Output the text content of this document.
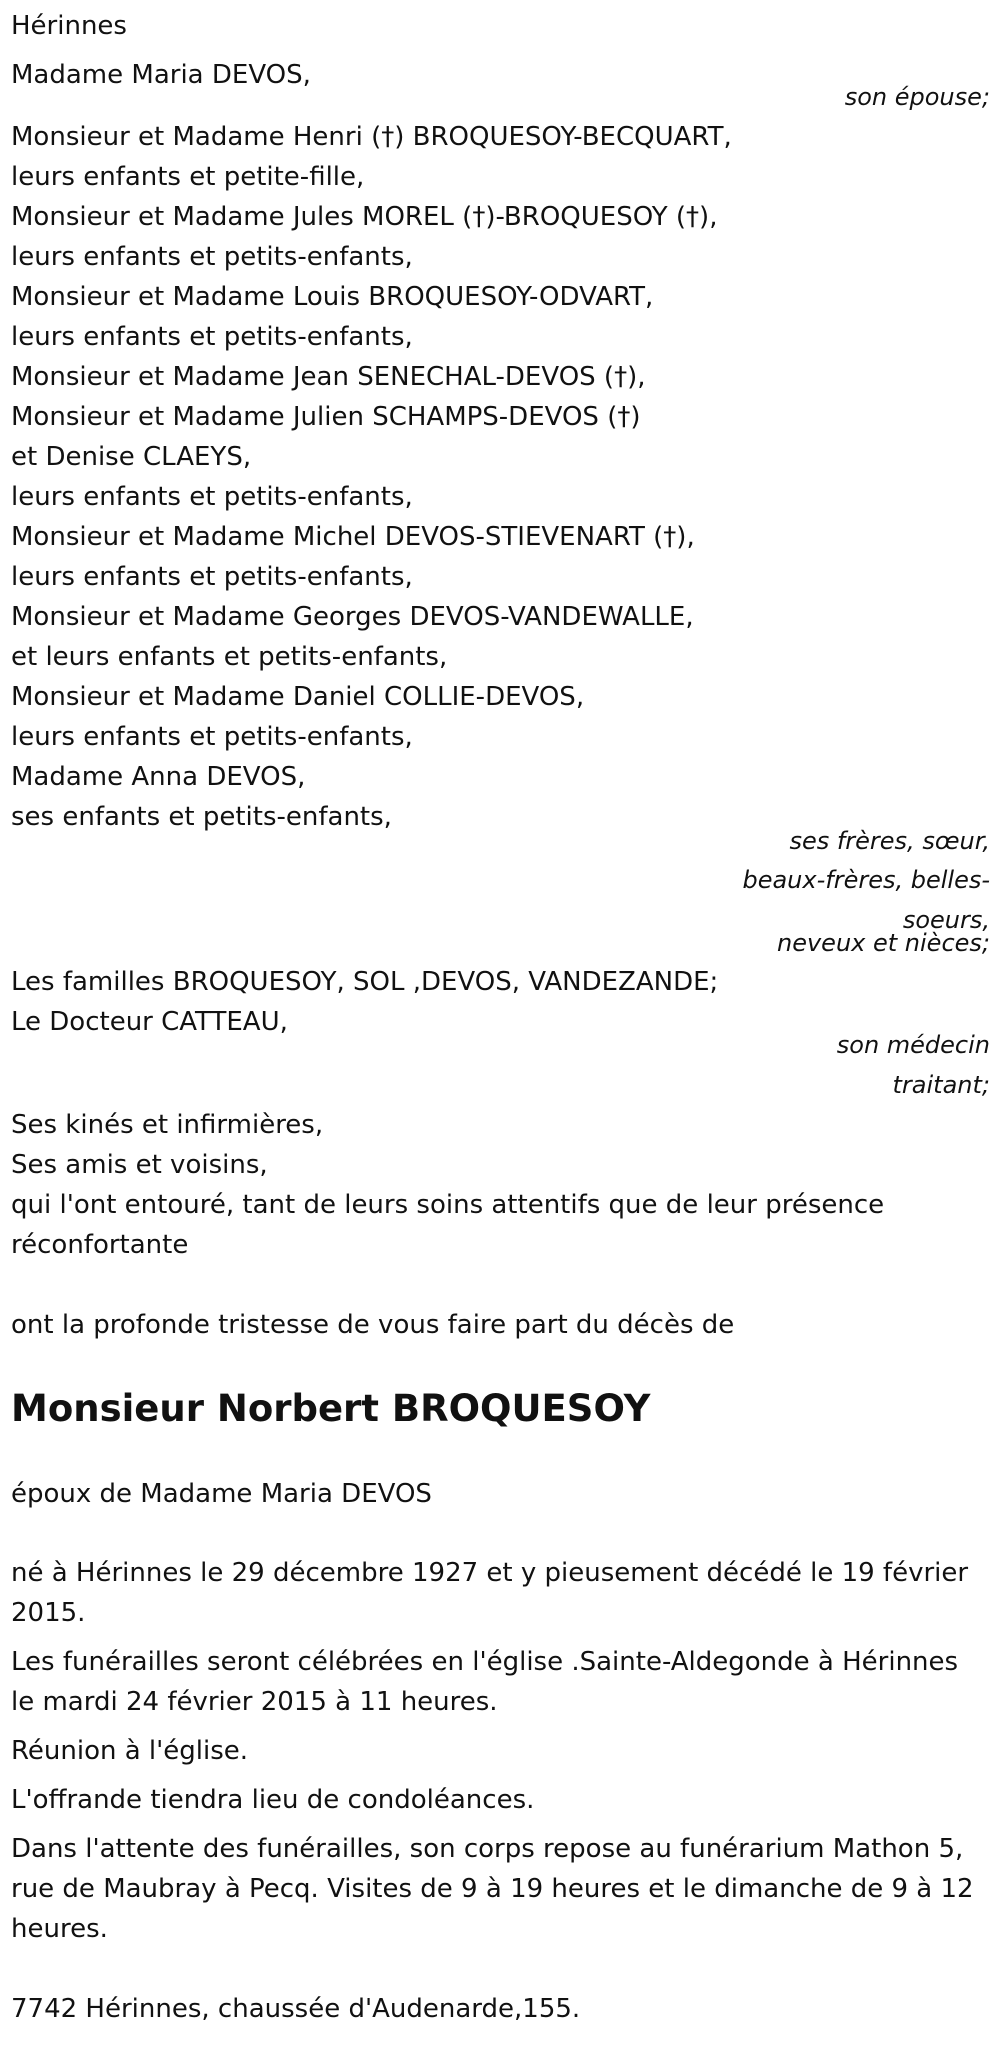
Hérinnes
Madame Maria DEVOS,
son épouse;
Monsieur et Madame Henri (†) BROQUESOY-BECQUART,
leurs enfants et petite-fille,
Monsieur et Madame Jules MOREL (†)-BROQUESOY (†),
leurs enfants et petits-enfants,
Monsieur et Madame Louis BROQUESOY-ODVART,
leurs enfants et petits-enfants,
Monsieur et Madame Jean SENECHAL-DEVOS (†),
Monsieur et Madame Julien SCHAMPS-DEVOS (†)
et Denise CLAEYS,
leurs enfants et petits-enfants,
Monsieur et Madame Michel DEVOS-STIEVENART (†),
leurs enfants et petits-enfants,
Monsieur et Madame Georges DEVOS-VANDEWALLE,
et leurs enfants et petits-enfants,
Monsieur et Madame Daniel COLLIE-DEVOS,
leurs enfants et petits-enfants,
Madame Anna DEVOS,
ses enfants et petits-enfants,
ses frères, sœur,
beaux-frères, belles-
soeurs,
neveux et nièces;
Les familles BROQUESOY, SOL ,DEVOS, VANDEZANDE;
Le Docteur CATTEAU,
son médecin
traitant;
Ses kinés et infirmières,
Ses amis et voisins,
qui l'ont entouré, tant de leurs soins attentifs que de leur présence
réconfortante
ont la profonde tristesse de vous faire part du décès de
Monsieur Norbert BROQUESOY
époux de Madame Maria DEVOS
né à Hérinnes le 29 décembre 1927 et y pieusement décédé le 19 février
2015.
Les funérailles seront célébrées en l'église .Sainte-Aldegonde à Hérinnes
le mardi 24 février 2015 à 11 heures.
Réunion à l'église.
L'offrande tiendra lieu de condoléances.
Dans l'attente des funérailles, son corps repose au funérarium Mathon 5,
rue de Maubray à Pecq. Visites de 9 à 19 heures et le dimanche de 9 à 12
heures.
7742 Hérinnes, chaussée d'Audenarde,155.
